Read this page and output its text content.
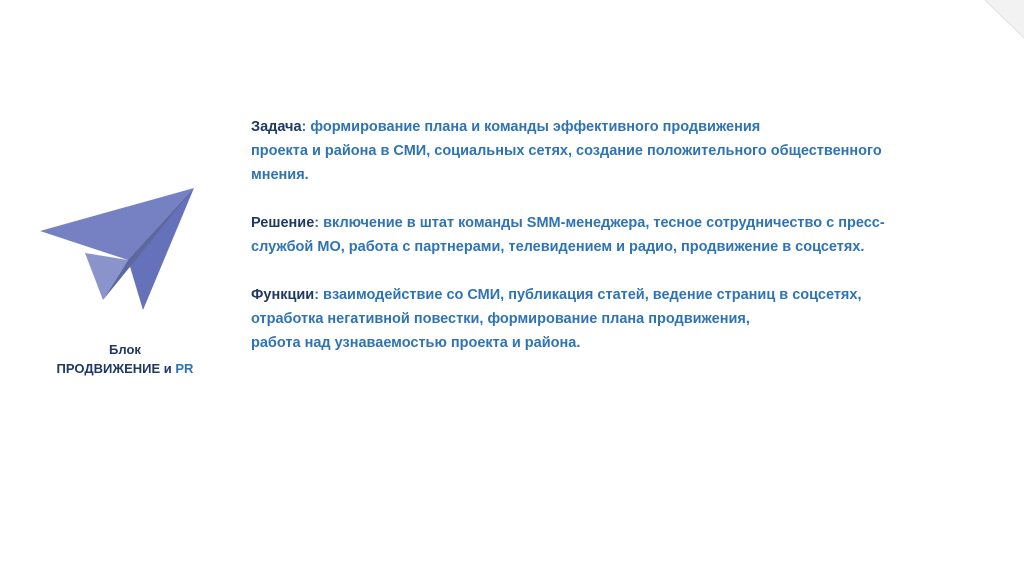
Блок
ПРОДВИЖЕНИЕ и PR
Задача: формирование плана и команды эффективного продвижения
проекта и района в СМИ, социальных сетях, создание положительного общественного
мнения.
Решение: включение в штат команды SMM-менеджера, тесное сотрудничество с пресс-
службой МО, работа с партнерами, телевидением и радио, продвижение в соцсетях.
Функции: взаимодействие со СМИ, публикация статей, ведение страниц в соцсетях,
отработка негативной повестки, формирование плана продвижения,
работа над узнаваемостью проекта и района.
